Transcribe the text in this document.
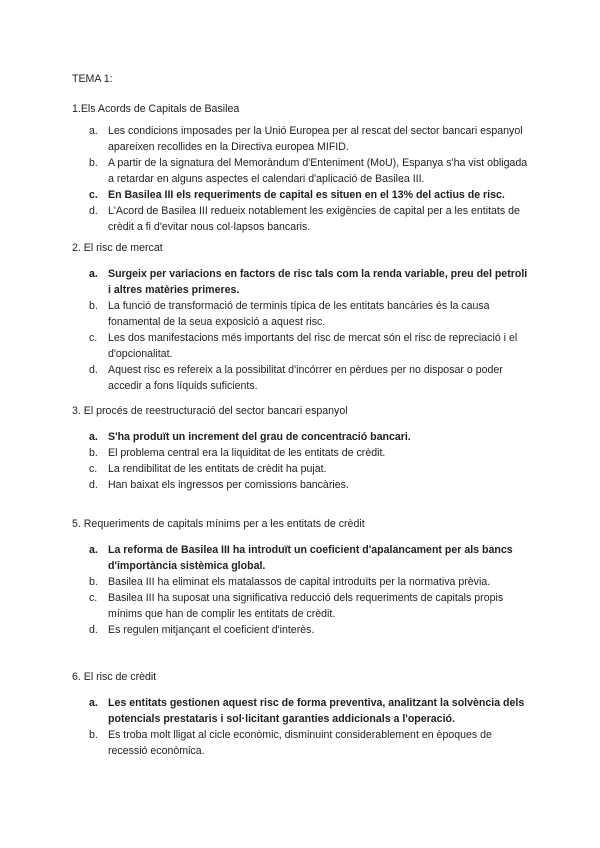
TEMA 1:
1.Els Acords de Capitals de Basilea
a. Les condicions imposades per la Unió Europea per al rescat del sector bancari espanyol apareixen recollides en la Directiva europea MIFID.
b. A partir de la signatura del Memoràndum d'Enteniment (MoU), Espanya s'ha vist obligada a retardar en alguns aspectes el calendari d'aplicació de Basilea III.
c. En Basilea III els requeriments de capital es situen en el 13% del actius de risc.
d. L'Acord de Basilea III redueix notablement les exigències de capital per a les entitats de crèdit a fi d'evitar nous col·lapsos bancaris.
2. El risc de mercat
a. Surgeix per variacions en factors de risc tals com la renda variable, preu del petroli i altres matèries primeres.
b. La funció de transformació de terminis típica de les entitats bancàries és la causa fonamental de la seua exposició a aquest risc.
c. Les dos manifestacions més importants del risc de mercat són el risc de repreciació i el d'opcionalitat.
d. Aquest risc es refereix a la possibilitat d'incórrer en pèrdues per no disposar o poder accedir a fons líquids suficients.
3. El procés de reestructuració del sector bancari espanyol
a. S'ha produït un increment del grau de concentració bancari.
b. El problema central era la liquiditat de les entitats de crèdit.
c. La rendibilitat de les entitats de crèdit ha pujat.
d. Han baixat els ingressos per comissions bancàries.
5. Requeriments de capitals mínims per a les entitats de crèdit
a. La reforma de Basilea III ha introduït un coeficient d'apalancament per als bancs d'importància sistèmica global.
b. Basilea III ha eliminat els matalassos de capital introduïts per la normativa prèvia.
c. Basilea III ha suposat una significativa reducció dels requeriments de capitals propis mínims que han de complir les entitats de crèdit.
d. Es regulen mitjançant el coeficient d'interès.
6. El risc de crèdit
a. Les entitats gestionen aquest risc de forma preventiva, analitzant la solvència dels potencials prestataris i sol·licitant garanties addicionals a l'operació.
b. Es troba molt lligat al cicle econòmic, disminuint considerablement en èpoques de recessió econòmica.
